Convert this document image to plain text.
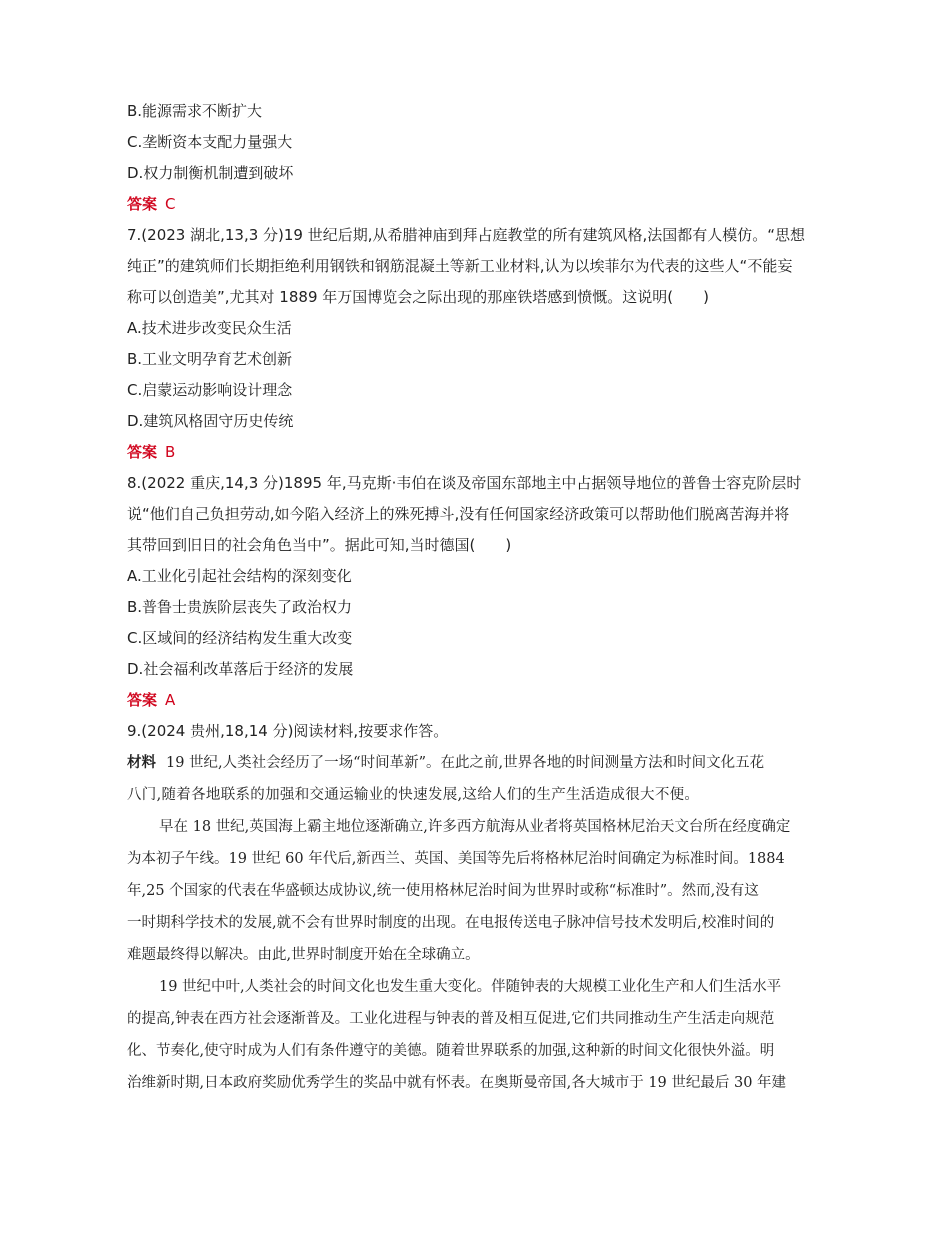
B.能源需求不断扩大
C.垄断资本支配力量强大
D.权力制衡机制遭到破坏
答案 C
7.(2023 湖北,13,3 分)19 世纪后期,从希腊神庙到拜占庭教堂的所有建筑风格,法国都有人模仿。“思想
纯正”的建筑师们长期拒绝利用钢铁和钢筋混凝土等新工业材料,认为以埃菲尔为代表的这些人“不能妄
称可以创造美”,尤其对 1889 年万国博览会之际出现的那座铁塔感到愤慨。这说明(　　)
A.技术进步改变民众生活
B.工业文明孕育艺术创新
C.启蒙运动影响设计理念
D.建筑风格固守历史传统
答案 B
8.(2022 重庆,14,3 分)1895 年,马克斯·韦伯在谈及帝国东部地主中占据领导地位的普鲁士容克阶层时
说“他们自己负担劳动,如今陷入经济上的殊死搏斗,没有任何国家经济政策可以帮助他们脱离苦海并将
其带回到旧日的社会角色当中”。据此可知,当时德国(　　)
A.工业化引起社会结构的深刻变化
B.普鲁士贵族阶层丧失了政治权力
C.区域间的经济结构发生重大改变
D.社会福利改革落后于经济的发展
答案 A
9.(2024 贵州,18,14 分)阅读材料,按要求作答。
材料 19 世纪,人类社会经历了一场“时间革新”。在此之前,世界各地的时间测量方法和时间文化五花
八门,随着各地联系的加强和交通运输业的快速发展,这给人们的生产生活造成很大不便。
早在 18 世纪,英国海上霸主地位逐渐确立,许多西方航海从业者将英国格林尼治天文台所在经度确定
为本初子午线。19 世纪 60 年代后,新西兰、英国、美国等先后将格林尼治时间确定为标准时间。1884
年,25 个国家的代表在华盛顿达成协议,统一使用格林尼治时间为世界时或称“标准时”。然而,没有这
一时期科学技术的发展,就不会有世界时制度的出现。在电报传送电子脉冲信号技术发明后,校准时间的
难题最终得以解决。由此,世界时制度开始在全球确立。
19 世纪中叶,人类社会的时间文化也发生重大变化。伴随钟表的大规模工业化生产和人们生活水平
的提高,钟表在西方社会逐渐普及。工业化进程与钟表的普及相互促进,它们共同推动生产生活走向规范
化、节奏化,使守时成为人们有条件遵守的美德。随着世界联系的加强,这种新的时间文化很快外溢。明
治维新时期,日本政府奖励优秀学生的奖品中就有怀表。在奥斯曼帝国,各大城市于 19 世纪最后 30 年建
